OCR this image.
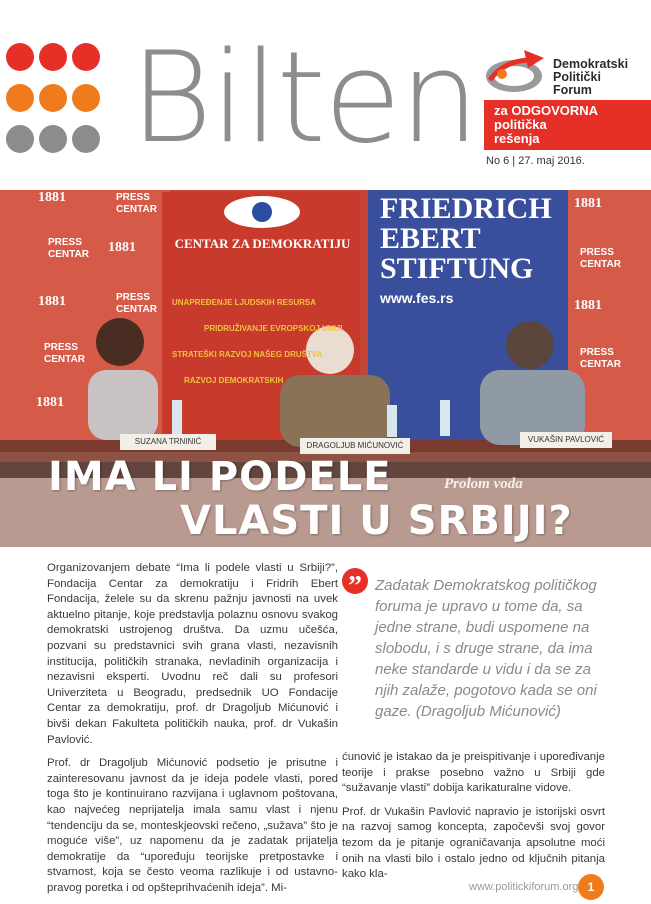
Bilten	Demokratski
Politički
Forum
za ODGOVORNA
politička
rešenja
No 6 | 27. maj 2016.
1881	PRESS
CENTAR
PRESS
CENTAR 1881
1881	PRESS
CENTAR
PRESS
CENTAR
1881
1881
PRESS
CENTAR
1881
PRESS
CENTAR
CENTAR ZA DEMOKRATIJU
UNAPREĐENJE LJUDSKIH RESURSA
PRIDRUŽIVANJE EVROPSKOJ UNIJI
STRATEŠKI RAZVOJ NAŠEG DRUŠTVA
RAZVOJ DEMOKRATSKIH
FRIEDRICH
EBERT
STIFTUNG
www.fes.rs
SUZANA TRNINIĆ	DRAGOLJUB MIĆUNOVIĆ
VUKAŠIN PAVLOVIĆ
Prolom voda
IMA LI PODELE
VLASTI U SRBIJI?

Organizovanjem debate “Ima li podele vlasti u Srbiji?”, Fondacija Centar za demokratiju i Fridrih Ebert Fondacija, želele su da skrenu pažnju javnosti na uvek aktuelno pitanje, koje predstavlja polaznu osnovu svakog demokratski ustrojenog društva. Da uzmu učešća, pozvani su predstavnici svih grana vlasti, nezavisnih institucija, političkih stranaka, nevladinih organizacija i nezavisni eksperti. Uvodnu reč dali su profesori Univerziteta u Beogradu, predsednik UO Fondacije Centar za demokratiju, prof. dr Dragoljub Mićunović i bivši dekan Fakulteta političkih nauka, prof. dr Vukašin Pavlović.

Prof. dr Dragoljub Mićunović podsetio je prisutne i zainteresovanu javnost da je ideja podele vlasti, pored toga što je kontinuirano razvijana i uglavnom poštovana, kao najvećeg neprijatelja imala samu vlast i njenu “tendenciju da se, monteskjeovski rečeno, „sužava” što je moguće više”, uz napomenu da je zadatak prijatelja demokratije da “upoređuju teorijske pretpostavke i stvarnost, koja se često veoma razlikuje i od ustavno-pravog poretka i od opšteprihvaćenih ideja”. Mi-

” Zadatak Demokratskog političkog foruma je upravo u tome da, sa jedne strane, budi uspomene na slobodu, i s druge strane, da ima neke standarde u vidu i da se za njih zalaže, pogotovo kada se oni gaze. (Dragoljub Mićunović)

ćunović je istakao da je preispitivanje i upoređivanje teorije i prakse posebno važno u Srbiji gde “sužavanje vlasti” dobija karikaturalne vidove.

Prof. dr Vukašin Pavlović napravio je istorijski osvrt na razvoj samog koncepta, započevši svoj govor tezom da je pitanje ograničavanja apsolutne moći onih na vlasti bilo i ostalo jedno od ključnih pitanja kako kla-

www.politickiforum.org 1
